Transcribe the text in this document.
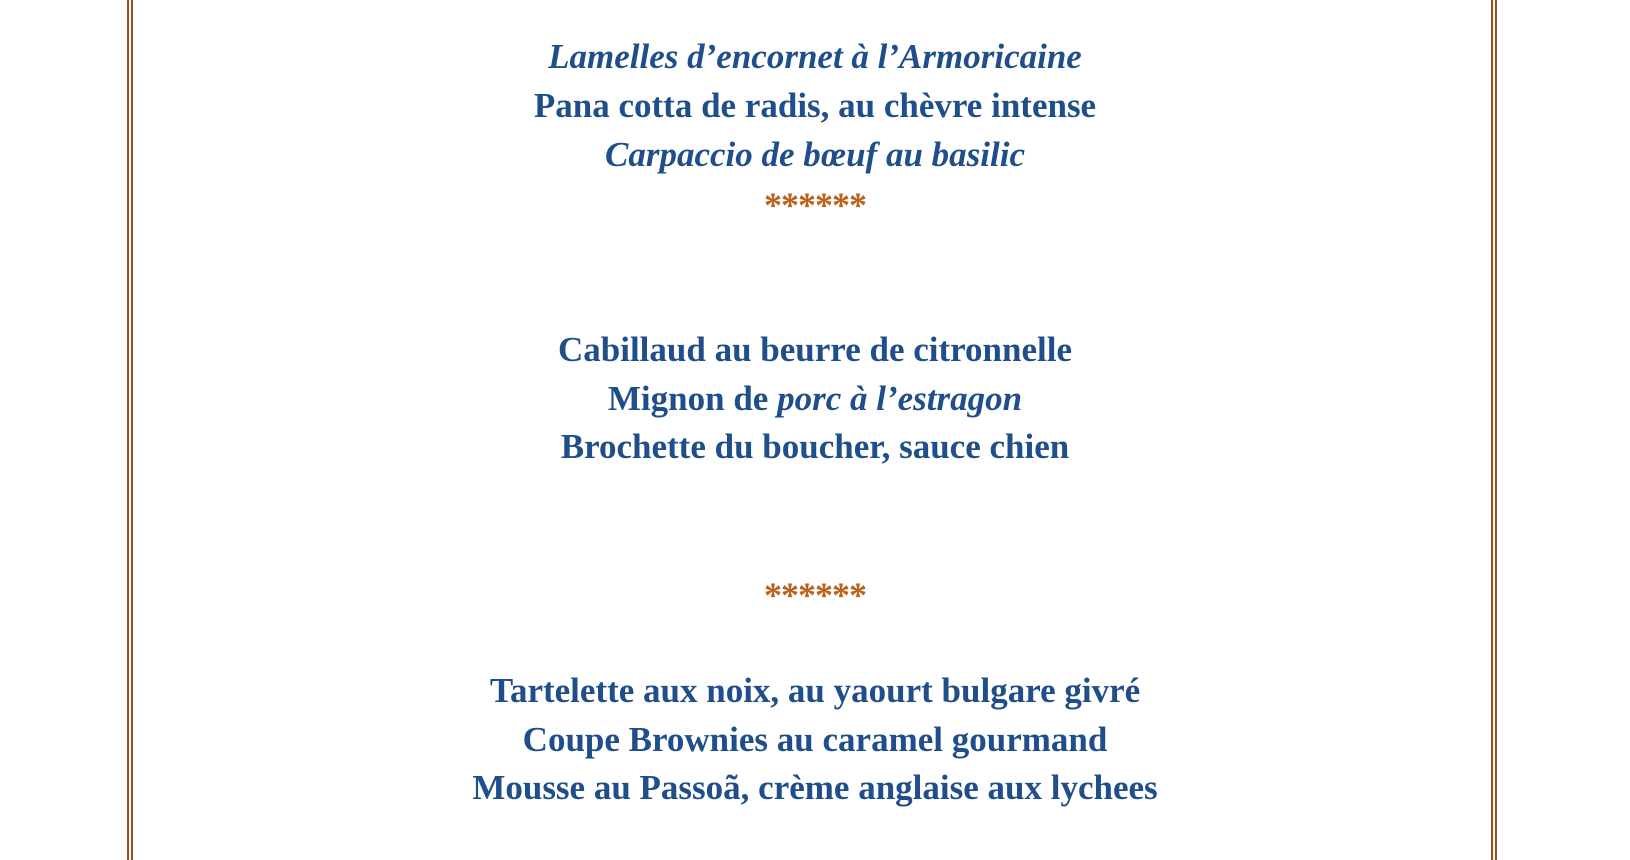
Lamelles d’encornet à l’Armoricaine
Pana cotta de radis, au chèvre intense
Carpaccio de bœuf au basilic
******
Cabillaud au beurre de citronnelle
Mignon de porc à l’estragon
Brochette du boucher, sauce chien
******
Tartelette aux noix, au yaourt bulgare givré
Coupe Brownies au caramel gourmand
Mousse au Passoã, crème anglaise aux lychees
